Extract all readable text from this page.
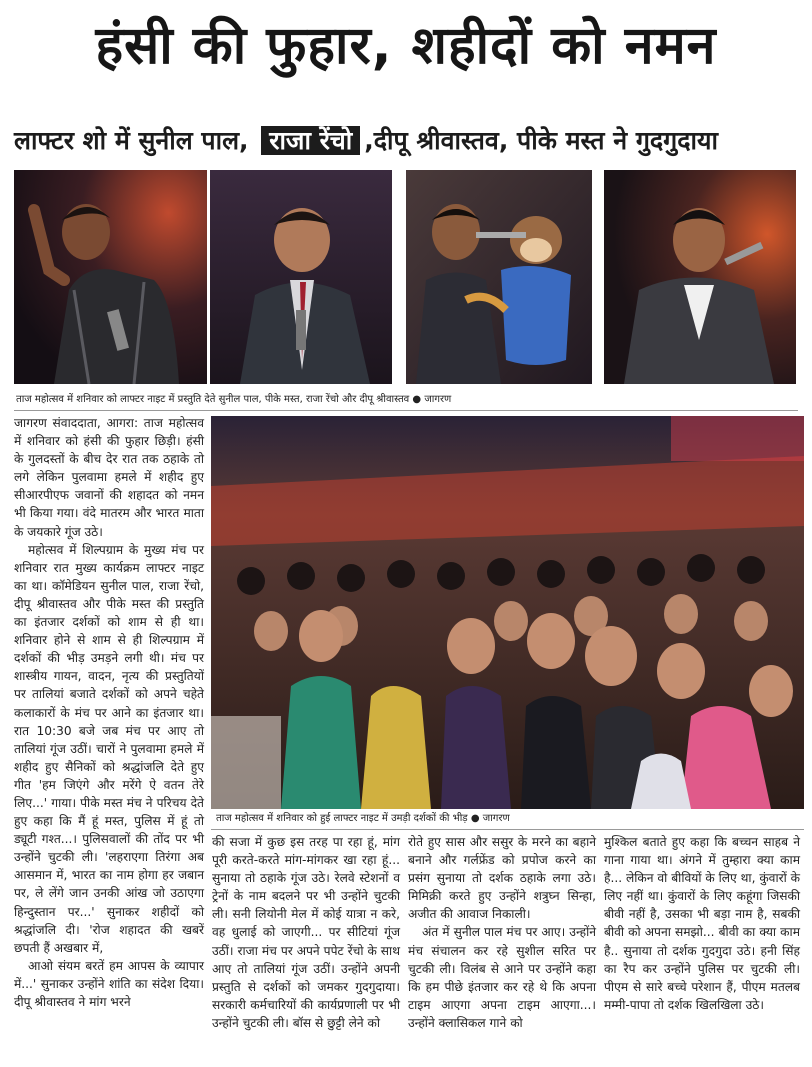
हंसी की फुहार, शहीदों को नमन
लाफ्टर शो में सुनील पाल, राजा रेंचो ,दीपू श्रीवास्तव, पीके मस्त ने गुदगुदाया
ताज महोत्सव में शनिवार को लाफ्टर नाइट में प्रस्तुति देते सुनील पाल, पीके मस्त, राजा रेंचो और दीपू श्रीवास्तव ● जागरण
ताज महोत्सव में शनिवार को हुई लाफ्टर नाइट में उमड़ी दर्शकों की भीड़ ● जागरण

जागरण संवाददाता, आगरा: ताज महोत्सव में शनिवार को हंसी की फुहार छिड़ी। हंसी के गुलदस्तों के बीच देर रात तक ठहाके तो लगे लेकिन पुलवामा हमले में शहीद हुए सीआरपीएफ जवानों की शहादत को नमन भी किया गया। वंदे मातरम और भारत माता के जयकारे गूंज उठे।

महोत्सव में शिल्पग्राम के मुख्य मंच पर शनिवार रात मुख्य कार्यक्रम लाफ्टर नाइट का था। कॉमेडियन सुनील पाल, राजा रेंचो, दीपू श्रीवास्तव और पीके मस्त की प्रस्तुति का इंतजार दर्शकों को शाम से ही था। शनिवार होने से शाम से ही शिल्पग्राम में दर्शकों की भीड़ उमड़ने लगी थी। मंच पर शास्त्रीय गायन, वादन, नृत्य की प्रस्तुतियों पर तालियां बजाते दर्शकों को अपने चहेते कलाकारों के मंच पर आने का इंतजार था। रात 10:30 बजे जब मंच पर आए तो तालियां गूंज उठीं। चारों ने पुलवामा हमले में शहीद हुए सैनिकों को श्रद्धांजलि देते हुए गीत 'हम जिएंगे और मरेंगे ऐ वतन तेरे लिए...' गाया। पीके मस्त मंच ने परिचय देते हुए कहा कि मैं हूं मस्त, पुलिस में हूं तो ड्यूटी गश्त...। पुलिसवालों की तोंद पर भी उन्होंने चुटकी ली। 'लहराएगा तिरंगा अब आसमान में, भारत का नाम होगा हर जबान पर, ले लेंगे जान उनकी आंख जो उठाएगा हिन्दुस्तान पर...' सुनाकर शहीदों को श्रद्धांजलि दी। 'रोज शहादत की खबरें छपती हैं अखबार में,

आओ संयम बरतें हम आपस के व्यापार में...' सुनाकर उन्होंने शांति का संदेश दिया। दीपू श्रीवास्तव ने मांग भरने

की सजा में कुछ इस तरह पा रहा हूं, मांग पूरी करते-करते मांग-मांगकर खा रहा हूं... सुनाया तो ठहाके गूंज उठे। रेलवे स्टेशनों व ट्रेनों के नाम बदलने पर भी उन्होंने चुटकी ली। सनी लियोनी मेल में कोई यात्रा न करे, वह धुलाई को जाएगी... पर सीटियां गूंज उठीं। राजा मंच पर अपने पपेट रेंचो के साथ आए तो तालियां गूंज उठीं। उन्होंने अपनी प्रस्तुति से दर्शकों को जमकर गुदगुदाया। सरकारी कर्मचारियों की कार्यप्रणाली पर भी उन्होंने चुटकी ली। बॉस से छुट्टी लेने को

रोते हुए सास और ससुर के मरने का बहाने बनाने और गर्लफ्रेंड को प्रपोज करने का प्रसंग सुनाया तो दर्शक ठहाके लगा उठे। मिमिक्री करते हुए उन्होंने शत्रुघ्न सिन्हा, अजीत की आवाज निकाली।

अंत में सुनील पाल मंच पर आए। उन्होंने मंच संचालन कर रहे सुशील सरित पर चुटकी ली। विलंब से आने पर उन्होंने कहा कि हम पीछे इंतजार कर रहे थे कि अपना टाइम आएगा अपना टाइम आएगा...। उन्होंने क्लासिकल गाने को

मुश्किल बताते हुए कहा कि बच्चन साहब ने गाना गाया था। अंगने में तुम्हारा क्या काम है... लेकिन वो बीवियों के लिए था, कुंवारों के लिए नहीं था। कुंवारों के लिए कहूंगा जिसकी बीवी नहीं है, उसका भी बड़ा नाम है, सबकी बीवी को अपना समझो... बीवी का क्या काम है.. सुनाया तो दर्शक गुदगुदा उठे। हनी सिंह का रैप कर उन्होंने पुलिस पर चुटकी ली। पीएम से सारे बच्चे परेशान हैं, पीएम मतलब मम्मी-पापा तो दर्शक खिलखिला उठे।
